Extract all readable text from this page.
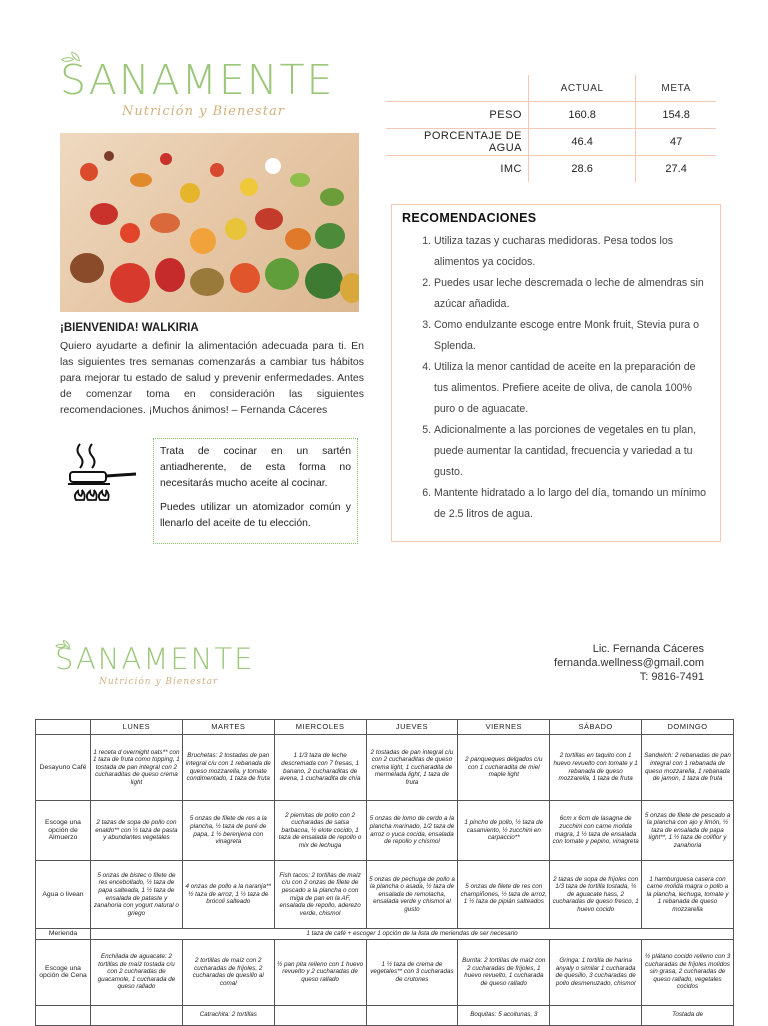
SANAMENTE
Nutrición y Bienestar
	ACTUAL	META
PESO	160.8	154.8
PORCENTAJE DE AGUA	46.4	47
IMC	28.6	27.4
RECOMENDACIONES
1. Utiliza tazas y cucharas medidoras. Pesa todos los alimentos ya cocidos.
2. Puedes usar leche descremada o leche de almendras sin azúcar añadida.
3. Como endulzante escoge entre Monk fruit, Stevia pura o Splenda.
4. Utiliza la menor cantidad de aceite en la preparación de tus alimentos. Prefiere aceite de oliva, de canola 100% puro o de aguacate.
5. Adicionalmente a las porciones de vegetales en tu plan, puede aumentar la cantidad, frecuencia y variedad a tu gusto.
6. Mantente hidratado a lo largo del día, tomando un mínimo de 2.5 litros de agua.
¡BIENVENIDA! WALKIRIA
Quiero ayudarte a definir la alimentación adecuada para ti. En las siguientes tres semanas comenzarás a cambiar tus hábitos para mejorar tu estado de salud y prevenir enfermedades. Antes de comenzar toma en consideración las siguientes recomendaciones. ¡Muchos ánimos! – Fernanda Cáceres

Trata de cocinar en un sartén antiadherente, de esta forma no necesitarás mucho aceite al cocinar.

Puedes utilizar un atomizador común y llenarlo del aceite de tu elección.

SANAMENTE
Nutrición y Bienestar
Lic. Fernanda Cáceres
fernanda.wellness@gmail.com
T: 9816-7491
	LUNES	MARTES	MIERCOLES	JUEVES	VIERNES	SÁBADO	DOMINGO
Desayuno Café	1 receta d overnight oats** con 1 taza de fruta como topping, 1 tostada de pan integral con 2 cucharaditas de queso crema light	Bruchetas: 2 tostadas de pan integral c/u con 1 rebanada de queso mozzarella, y tomate condimentado, 1 taza de fruta	1 1/3 taza de leche descremada con 7 fresas, 1 banano, 2 cucharaditas de avena, 1 cucharadita de chía	2 tostadas de pan integral c/u con 2 cucharaditas de queso crema light, 1 cucharadita de mermelada light, 1 taza de fruta	2 panqueques delgados c/u con 1 cucharadita de miel maple light	2 tortillas en taquito con 1 huevo revuelto con tomate y 1 rebanada de queso mozzarella, 1 taza de fruta	Sandwich: 2 rebanadas de pan integral con 1 rebanada de queso mozzarella, 1 rebanada de jamon, 1 taza de fruta
Escoge una opción de Almuerzo	2 tazas de sopa de pollo con enaldo** con ½ taza de pasta y abundantes vegetales	5 onzas de filete de res a la plancha, ½ taza de puré de papa, 1 ½ berenjena con vinagreta	2 piernitas de pollo con 2 cucharadas de salsa barbacoa, ½ elote cocido, 1 taza de ensalada de repollo o mix de lechuga	5 onzas de lomo de cerdo a la plancha marinado, 1/2 taza de arroz o yuca cocida, ensalada de repollo y chismol	1 pincho de pollo, ½ taza de casamiento, ½ zucchini en carpaccio**	6cm x 6cm de lasagna de zucchini con carne molida magra, 1 ½ taza de ensalada con tomate y pepino, vinagreta	5 onzas de filete de pescado a la plancha con ajo y limón, ½ taza de ensalada de papa light**, 1 ½ taza de coliflor y zanahoria
Agua o livean	5 onzas de bistec o filete de res encebollado, ½ taza de papa salteada, 1 ½ taza de ensalada de pataste y zanahoria con yogurt natural o griego	4 onzas de pollo a la naranja** ½ taza de arroz, 1 ½ taza de brócoli salteado	Fish tacos: 2 tortillas de maíz c/u con 2 onzas de filete de pescado a la plancha o con miga de pan en la AF, ensalada de repollo, aderezo verde, chismol	5 onzas de pechuga de pollo a la plancha o asada, ½ taza de ensalada de remolacha, ensalada verde y chismol al gusto	5 onzas de filete de res con champiñones, ½ taza de arroz, 1 ½ taza de pipián salteados	2 tazas de sopa de frijoles con 1/3 taza de tortilla tostada, ¼ de aguacate hass, 2 cucharadas de queso fresco, 1 huevo cocido	1 hamburguesa casera con carne molida magra o pollo a la plancha, lechuga, tomate y 1 rebanada de queso mozzarella
Merienda	1 taza de café + escoger 1 opción de la lista de meriendas de ser necesario						
Escoge una opción de Cena	Enchilada de aguacate: 2 tortillas de maíz tostada c/u con 2 cucharadas de guacamole, 1 cucharada de queso rallado	2 tortillas de maíz con 2 cucharadas de frijoles, 2 cucharadas de quesillo al comal	½ pan pita relleno con 1 huevo revuelto y 2 cucharadas de queso rallado	1 ½ taza de crema de vegetales** con 3 cucharadas de crutones	Burrita: 2 tortillas de maíz con 2 cucharadas de frijoles, 1 huevo revuelto, 1 cucharada de queso rallado	Gringa: 1 tortilla de harina anyaly o similar 1 cucharada de quesillo, 3 cucharadas de pollo desmenuzado, chismol	½ plátano cocido relleno con 3 cucharadas de frijoles molidos sin grasa, 2 cucharadas de queso rallado, vegetales cocidos
		Catrachita: 2 tortillas			Boquitas: 5 acoitunas, 3		Tostada de
